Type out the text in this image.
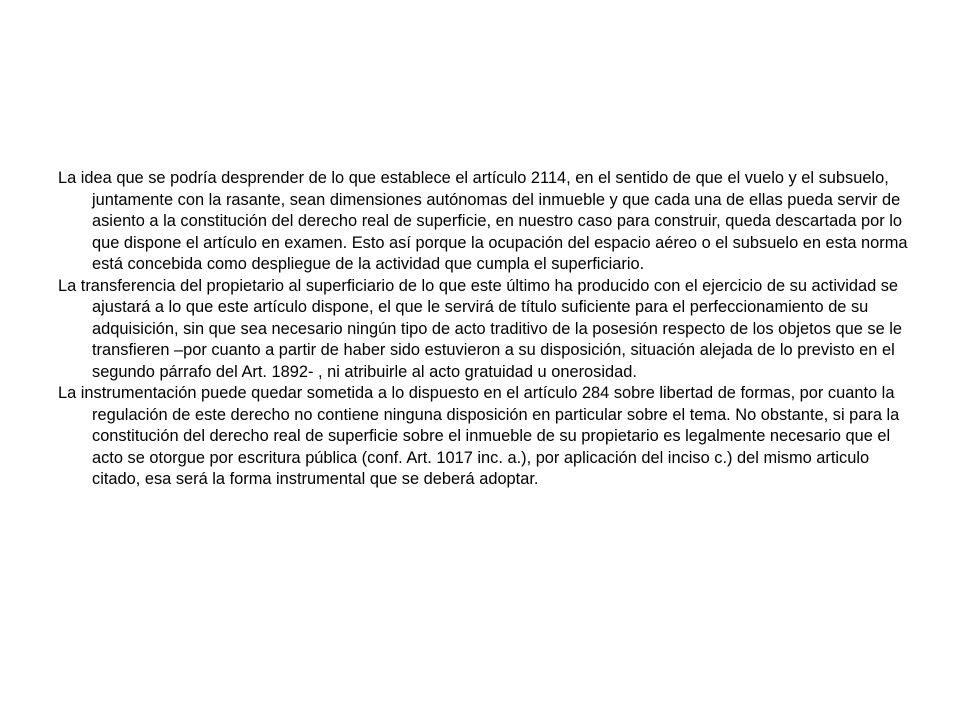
La idea que se podría desprender de lo que establece el artículo 2114, en el sentido de que el vuelo y el subsuelo, juntamente con la rasante, sean dimensiones autónomas del inmueble y que cada una de ellas pueda servir de asiento a la constitución del derecho real de superficie, en nuestro caso para construir, queda descartada por lo que dispone el artículo en examen. Esto así porque la ocupación del espacio aéreo o el subsuelo en esta norma está concebida como despliegue de la actividad que cumpla el superficiario.

La transferencia del propietario al superficiario de lo que este último ha producido con el ejercicio de su actividad se ajustará a lo que este artículo dispone, el que le servirá de título suficiente para el perfeccionamiento de su adquisición, sin que sea necesario ningún tipo de acto traditivo de la posesión respecto de los objetos que se le transfieren –por cuanto a partir de haber sido estuvieron a su disposición, situación alejada de lo previsto en el segundo párrafo del Art. 1892- , ni atribuirle al acto gratuidad u onerosidad.

La instrumentación puede quedar sometida a lo dispuesto en el artículo 284 sobre libertad de formas, por cuanto la regulación de este derecho no contiene ninguna disposición en particular sobre el tema. No obstante, si para la constitución del derecho real de superficie sobre el inmueble de su propietario es legalmente necesario que el acto se otorgue por escritura pública (conf. Art. 1017 inc. a.), por aplicación del inciso c.) del mismo articulo citado, esa será la forma instrumental que se deberá adoptar.
